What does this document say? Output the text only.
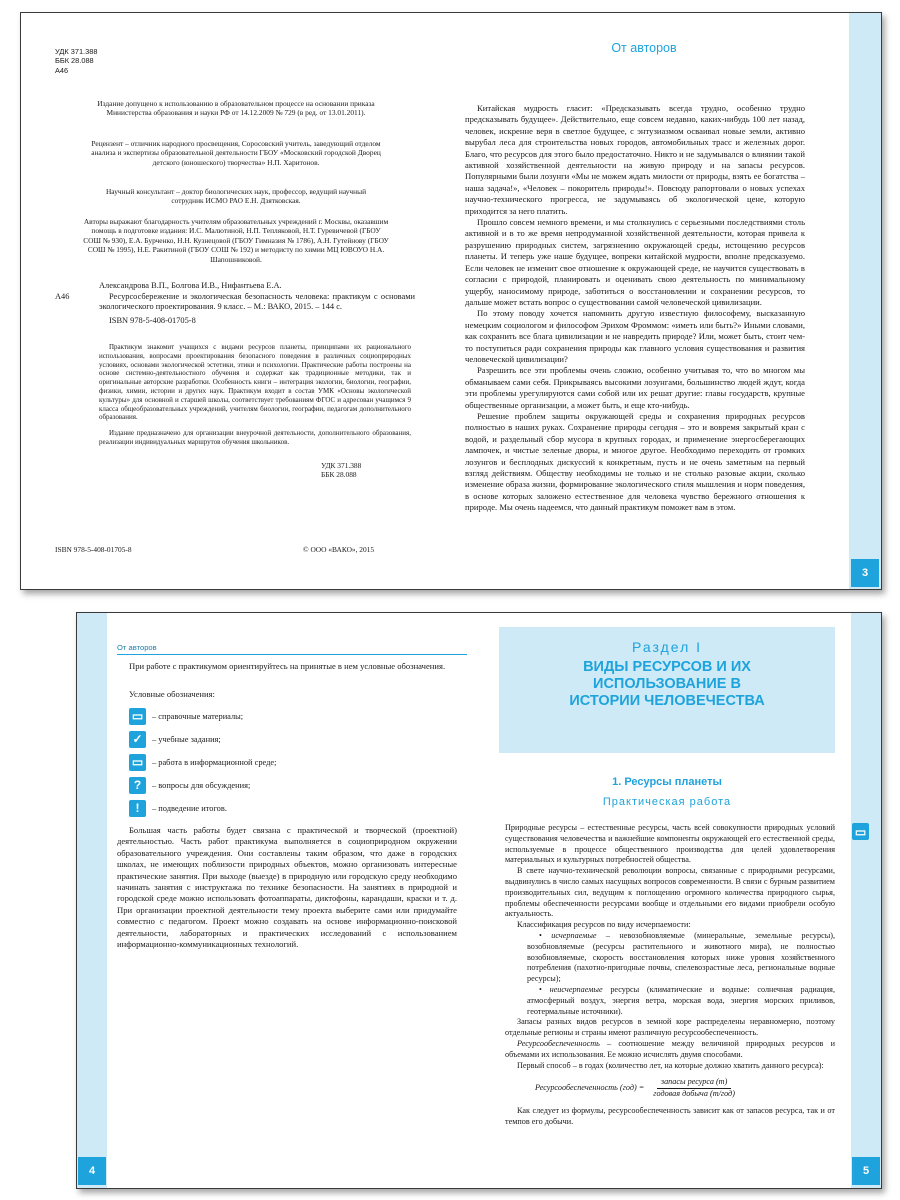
УДК 371.388
ББК 28.088
А46
Издание допущено к использованию в образовательном процессе на основании приказа Министерства образования и науки РФ от 14.12.2009 № 729 (в ред. от 13.01.2011).
Рецензент – отличник народного просвещения, Соросовский учитель, заведующий отделом анализа и экспертизы образовательной деятельности ГБОУ «Московский городской Дворец детского (юношеского) творчества» Н.П. Харитонов.
Научный консультант – доктор биологических наук, профессор, ведущий научный сотрудник ИСМО РАО Е.Н. Дзятковская.
Авторы выражают благодарность учителям образовательных учреждений г. Москвы, оказавшим помощь в подготовке издания: И.С. Малютиной, Н.П. Тепляковой, Н.Т. Гуревичевой (ГБОУ СОШ № 930), Е.А. Бурченко, Н.Н. Кузнецовой (ГБОУ Гимназия № 1786), А.Н. Гутейнову (ГБОУ СОШ № 1995), Н.Е. Ракитиной (ГБОУ СОШ № 192) и методисту по химии МЦ ЮВОУО Н.А. Шапошниковой.
Александрова В.П., Болгова И.В., Нифантьева Е.А.
А46	Ресурсосбережение и экологическая безопасность человека: практикум с основами экологического проектирования. 9 класс. – М.: ВАКО, 2015. – 144 с.
ISBN 978-5-408-01705-8
Практикум знакомит учащихся с видами ресурсов планеты, принципами их рационального использования, вопросами проектирования безопасного поведения в различных социоприродных условиях, основами экологической эстетики, этики и психологии. Практические работы построены на основе системно-деятельностного обучения и содержат как традиционные методики, так и оригинальные авторские разработки. Особенность книги – интеграция экологии, биологии, географии, физики, химии, истории и других наук. Практикум входит в состав УМК «Основы экологической культуры» для основной и старшей школы, соответствует требованиям ФГОС и адресован учащимся 9 класса общеобразовательных учреждений, учителям биологии, географии, педагогам дополнительного образования.
Издание предназначено для организации внеурочной деятельности, дополнительного образования, реализации индивидуальных маршрутов обучения школьников.
УДК 371.388
ББК 28.088
ISBN 978-5-408-01705-8	© ООО «ВАКО», 2015
От авторов

Китайская мудрость гласит: «Предсказывать всегда трудно, особенно трудно предсказывать будущее». Действительно, еще совсем недавно, каких-нибудь 100 лет назад, человек, искренне веря в светлое будущее, с энтузиазмом осваивал новые земли, активно вырубал леса для строительства новых городов, автомобильных трасс и железных дорог. Благо, что ресурсов для этого было предостаточно. Никто и не задумывался о влиянии такой активной хозяйственной деятельности на живую природу и на запасы ресурсов. Популярными были лозунги «Мы не можем ждать милости от природы, взять ее богатства – наша задача!», «Человек – покоритель природы!». Повсюду рапортовали о новых успехах научно-технического прогресса, не задумываясь об экологической цене, которую приходится за него платить.

Прошло совсем немного времени, и мы столкнулись с серьезными последствиями столь активной и в то же время непродуманной хозяйственной деятельности, которая привела к разрушению природных систем, загрязнению окружающей среды, истощению ресурсов планеты. И теперь уже наше будущее, вопреки китайской мудрости, вполне предсказуемо. Если человек не изменит свое отношение к окружающей среде, не научится существовать в согласии с природой, планировать и оценивать свою деятельность по минимальному ущербу, наносимому природе, заботиться о восстановлении и сохранении ресурсов, то дальше может встать вопрос о существовании самой человеческой цивилизации.

По этому поводу хочется напомнить другую известную философему, высказанную немецким социологом и философом Эрихом Фроммом: «иметь или быть?» Иными словами, как сохранить все блага цивилизации и не навредить природе? Или, может быть, стоит чем-то поступиться ради сохранения природы как главного условия существования и развития человеческой цивилизации?

Разрешить все эти проблемы очень сложно, особенно учитывая то, что во многом мы обманываем сами себя. Прикрываясь высокими лозунгами, большинство людей ждут, когда эти проблемы урегулируются сами собой или их решат другие: главы государств, крупные общественные организации, а может быть, и еще кто-нибудь.

Решение проблем защиты окружающей среды и сохранения природных ресурсов полностью в наших руках. Сохранение природы сегодня – это и вовремя закрытый кран с водой, и раздельный сбор мусора в крупных городах, и применение энергосберегающих лампочек, и чистые зеленые дворы, и многое другое. Необходимо переходить от громких лозунгов и бесплодных дискуссий к конкретным, пусть и не очень заметным на первый взгляд действиям. Обществу необходимы не только и не столько разовые акции, сколько изменение образа жизни, формирование экологического стиля мышления и норм поведения, в основе которых заложено естественное для человека чувство бережного отношения к природе. Мы очень надеемся, что данный практикум поможет вам в этом.

3
От авторов

При работе с практикумом ориентируйтесь на принятые в нем условные обозначения.

Условные обозначения:
▭	– справочные материалы;
✓	– учебные задания;
▭	– работа в информационной среде;
?	– вопросы для обсуждения;
!	– подведение итогов.

Большая часть работы будет связана с практической и творческой (проектной) деятельностью. Часть работ практикума выполняется в социоприродном окружении образовательного учреждения. Они составлены таким образом, что даже в городских школах, не имеющих поблизости природных объектов, можно организовать интересные практические занятия. При выходе (выезде) в природную или городскую среду необходимо начинать занятия с инструктажа по технике безопасности. На занятиях в природной и городской среде можно использовать фотоаппараты, диктофоны, карандаши, краски и т. д. При организации проектной деятельности тему проекта выберите сами или придумайте совместно с педагогом. Проект можно создавать на основе информационно-поисковой деятельности, лабораторных и практических исследований с использованием информационно-коммуникационных технологий.

4
Раздел I
ВИДЫ РЕСУРСОВ И ИХ ИСПОЛЬЗОВАНИЕ В ИСТОРИИ ЧЕЛОВЕЧЕСТВА
1. Ресурсы планеты
Практическая работа
▭

Природные ресурсы – естественные ресурсы, часть всей совокупности природных условий существования человечества и важнейшие компоненты окружающей его естественной среды, используемые в процессе общественного производства для целей удовлетворения материальных и культурных потребностей общества.

В свете научно-технической революции вопросы, связанные с природными ресурсами, выдвинулись в число самых насущных вопросов современности. В связи с бурным развитием производительных сил, ведущим к поглощению огромного количества природного сырья, проблемы обеспеченности ресурсами вообще и отдельными его видами приобрели особую актуальность.

Классификация ресурсов по виду исчерпаемости:

• исчерпаемые – невозобновляемые (минеральные, земельные ресурсы), возобновляемые (ресурсы растительного и животного мира), не полностью возобновляемые, скорость восстановления которых ниже уровня хозяйственного потребления (пахотно-пригодные почвы, спелевозрастные леса, региональные водные ресурсы);

• неисчерпаемые ресурсы (климатические и водные: солнечная радиация, атмосферный воздух, энергия ветра, морская вода, энергия морских приливов, геотермальные источники).

Запасы разных видов ресурсов в земной коре распределены неравномерно, поэтому отдельные регионы и страны имеют различную ресурсообеспеченность.

Ресурсообеспеченность – соотношение между величиной природных ресурсов и объемами их использования. Ее можно исчислять двумя способами.

Первый способ – в годах (количество лет, на которые должно хватить данного ресурса):

Ресурсообеспеченность (год) =
запасы ресурса (т)
годовая добыча (т/год)

Как следует из формулы, ресурсообеспеченность зависит как от запасов ресурса, так и от темпов его добычи.

5
